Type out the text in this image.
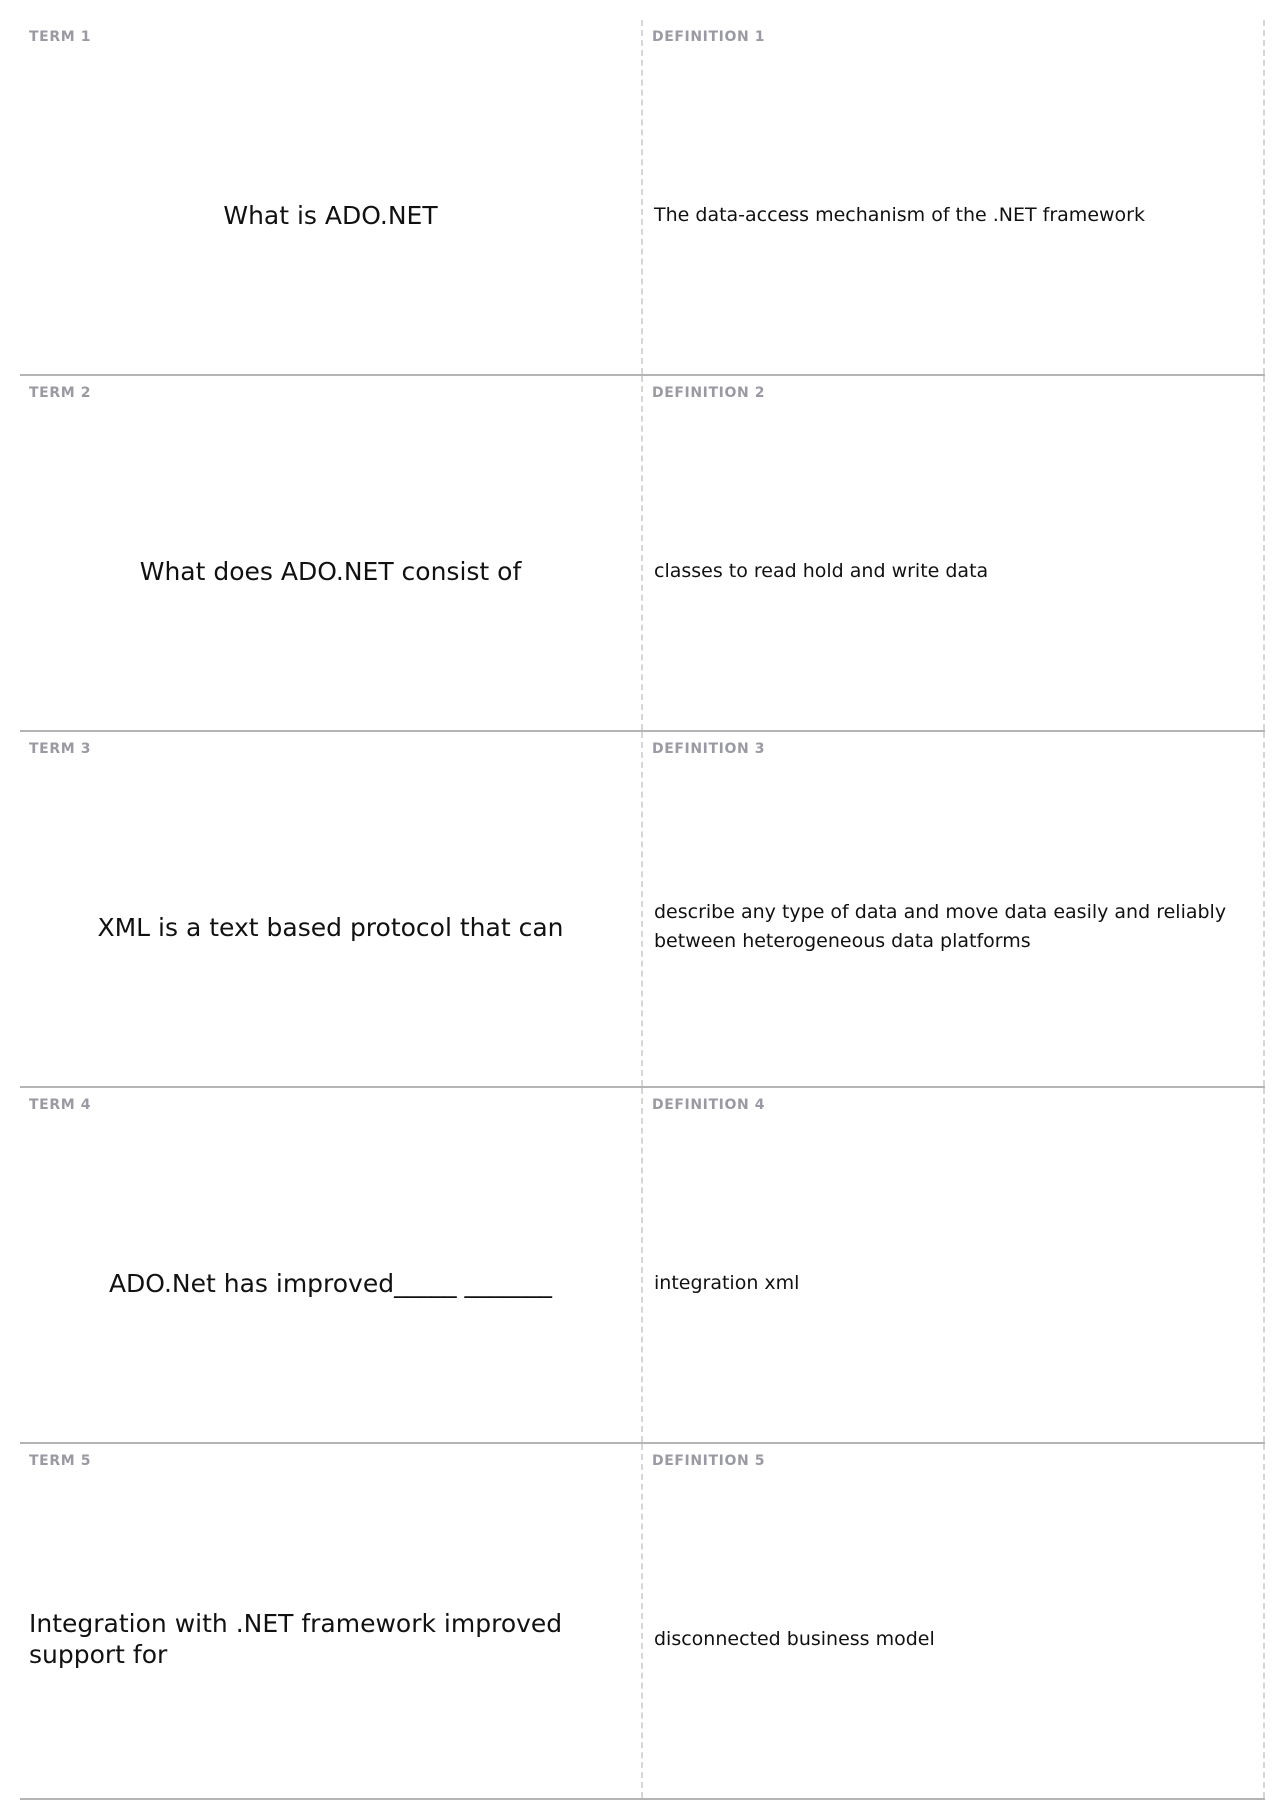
TERM 1
What is ADO.NET
DEFINITION 1
The data-access mechanism of the .NET framework
TERM 2
What does ADO.NET consist of
DEFINITION 2
classes to read hold and write data
TERM 3
XML is a text based protocol that can
DEFINITION 3
describe any type of data and move data easily and reliably between heterogeneous data platforms
TERM 4
ADO.Net has improved_____ _______
DEFINITION 4
integration xml
TERM 5
Integration with .NET framework improved support for
DEFINITION 5
disconnected business model
